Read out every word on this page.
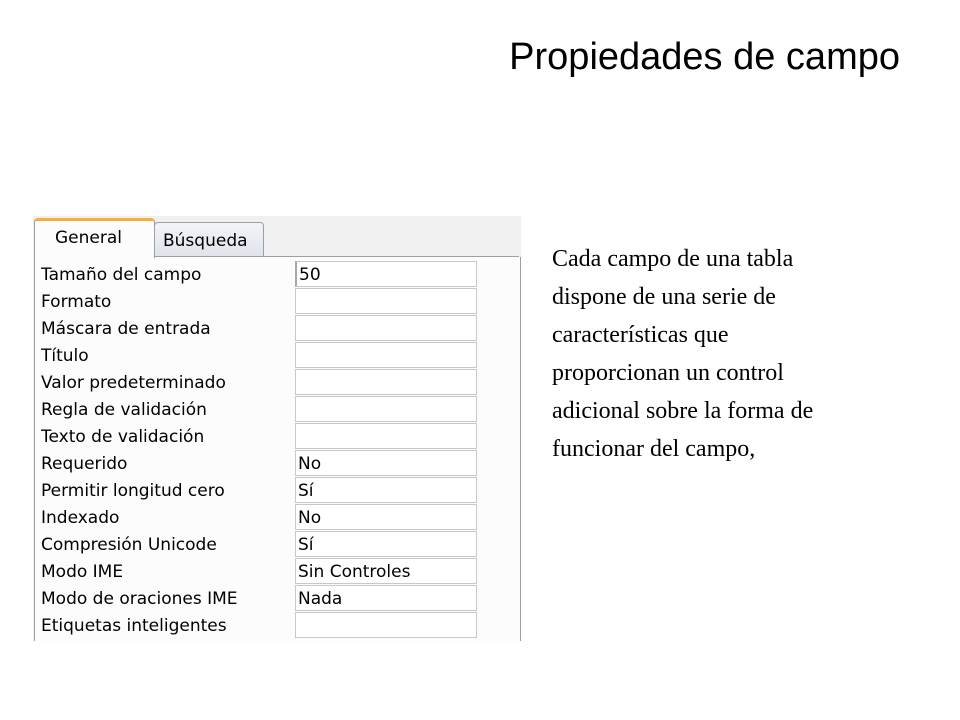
Propiedades de campo
General	Búsqueda
Tamaño del campo	50
Formato
Máscara de entrada
Título
Valor predeterminado
Regla de validación
Texto de validación
Requerido	No
Permitir longitud cero	Sí
Indexado	No
Compresión Unicode	Sí
Modo IME	Sin Controles
Modo de oraciones IME	Nada
Etiquetas inteligentes
Cada campo de una tabla
dispone de una serie de
características que
proporcionan un control
adicional sobre la forma de
funcionar del campo,
